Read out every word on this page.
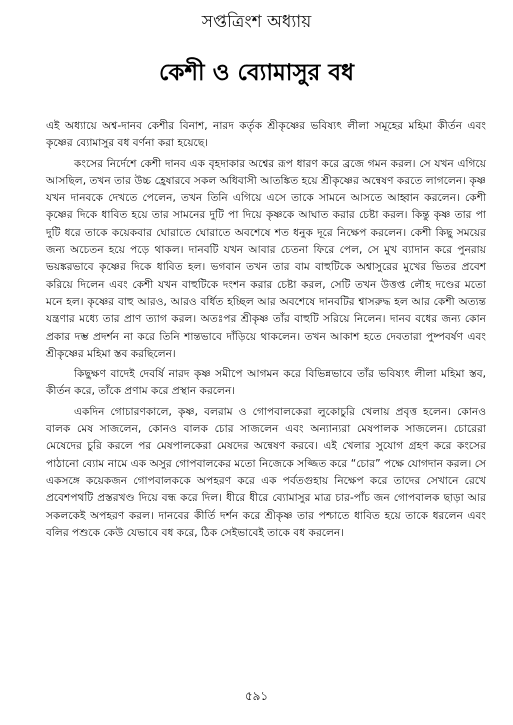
সপ্তত্রিংশ অধ্যায়
কেশী ও ব্যোমাসুর বধ

এই অধ্যায়ে অশ্ব-দানব কেশীর বিনাশ, নারদ কর্তৃক শ্রীকৃষ্ণের ভবিষ্যৎ লীলা সমূহের মহিমা কীর্তন এবং কৃষ্ণের ব্যোমাসুর বধ বর্ণনা করা হয়েছে।

কংসের নির্দেশে কেশী দানব এক বৃহদাকার অশ্বের রূপ ধারণ করে ব্রজে গমন করল। সে যখন এগিয়ে আসছিল, তখন তার উচ্চ হ্রেষারবে সকল অধিবাসী আতঙ্কিত হয়ে শ্রীকৃষ্ণের অন্বেষণ করতে লাগলেন। কৃষ্ণ যখন দানবকে দেখতে পেলেন, তখন তিনি এগিয়ে এসে তাকে সামনে আসতে আহ্বান করলেন। কেশী কৃষ্ণের দিকে ধাবিত হয়ে তার সামনের দুটি পা দিয়ে কৃষ্ণকে আঘাত করার চেষ্টা করল। কিন্তু কৃষ্ণ তার পা দুটি ধরে তাকে কয়েকবার ঘোরাতে ঘোরাতে অবশেষে শত ধনুক দূরে নিক্ষেপ করলেন। কেশী কিছু সময়ের জন্য অচেতন হয়ে পড়ে থাকল। দানবটি যখন আবার চেতনা ফিরে পেল, সে মুখ ব্যাদান করে পুনরায় ভয়ঙ্করভাবে কৃষ্ণের দিকে ধাবিত হল। ভগবান তখন তার বাম বাহুটিকে অশ্বাসুরের মুখের ভিতর প্রবেশ করিয়ে দিলেন এবং কেশী যখন বাহুটিকে দংশন করার চেষ্টা করল, সেটি তখন উত্তপ্ত লৌহ দণ্ডের মতো মনে হল। কৃষ্ণের বাহু আরও, আরও বর্ধিত হচ্ছিল আর অবশেষে দানবটির শ্বাসরুদ্ধ হল আর কেশী অত্যন্ত যন্ত্রণার মধ্যে তার প্রাণ ত্যাগ করল। অতঃপর শ্রীকৃষ্ণ তাঁর বাহুটি সরিয়ে নিলেন। দানব বধের জন্য কোন প্রকার দম্ভ প্রদর্শন না করে তিনি শান্তভাবে দাঁড়িয়ে থাকলেন। তখন আকাশ হতে দেবতারা পুষ্পবর্ষণ এবং শ্রীকৃষ্ণের মহিমা স্তব করছিলেন।

কিছুক্ষণ বাদেই দেবর্ষি নারদ কৃষ্ণ সমীপে আগমন করে বিভিন্নভাবে তাঁর ভবিষ্যৎ লীলা মহিমা স্তব, কীর্তন করে, তাঁকে প্রণাম করে প্রস্থান করলেন।

একদিন গোচারণকালে, কৃষ্ণ, বলরাম ও গোপবালকেরা লুকোচুরি খেলায় প্রবৃত্ত হলেন। কোনও বালক মেষ সাজলেন, কোনও বালক চোর সাজলেন এবং অন্যান্যরা মেষপালক সাজলেন। চোরেরা মেষেদের চুরি করলে পর মেষপালকেরা মেষদের অন্বেষণ করবে। এই খেলার সুযোগ গ্রহণ করে কংসের পাঠানো ব্যোম নামে এক অসুর গোপবালকের মতো নিজেকে সজ্জিত করে “চোর” পক্ষে যোগদান করল। সে একসঙ্গে কয়েকজন গোপবালককে অপহরণ করে এক পর্বতগুহায় নিক্ষেপ করে তাদের সেখানে রেখে প্রবেশপথটি প্রস্তরখণ্ড দিয়ে বন্ধ করে দিল। ধীরে ধীরে ব্যোমাসুর মাত্র চার-পাঁচ জন গোপবালক ছাড়া আর সকলকেই অপহরণ করল। দানবের কীর্তি দর্শন করে শ্রীকৃষ্ণ তার পশ্চাতে ধাবিত হয়ে তাকে ধরলেন এবং বলির পশুকে কেউ যেভাবে বধ করে, ঠিক সেইভাবেই তাকে বধ করলেন।

৫৯১
